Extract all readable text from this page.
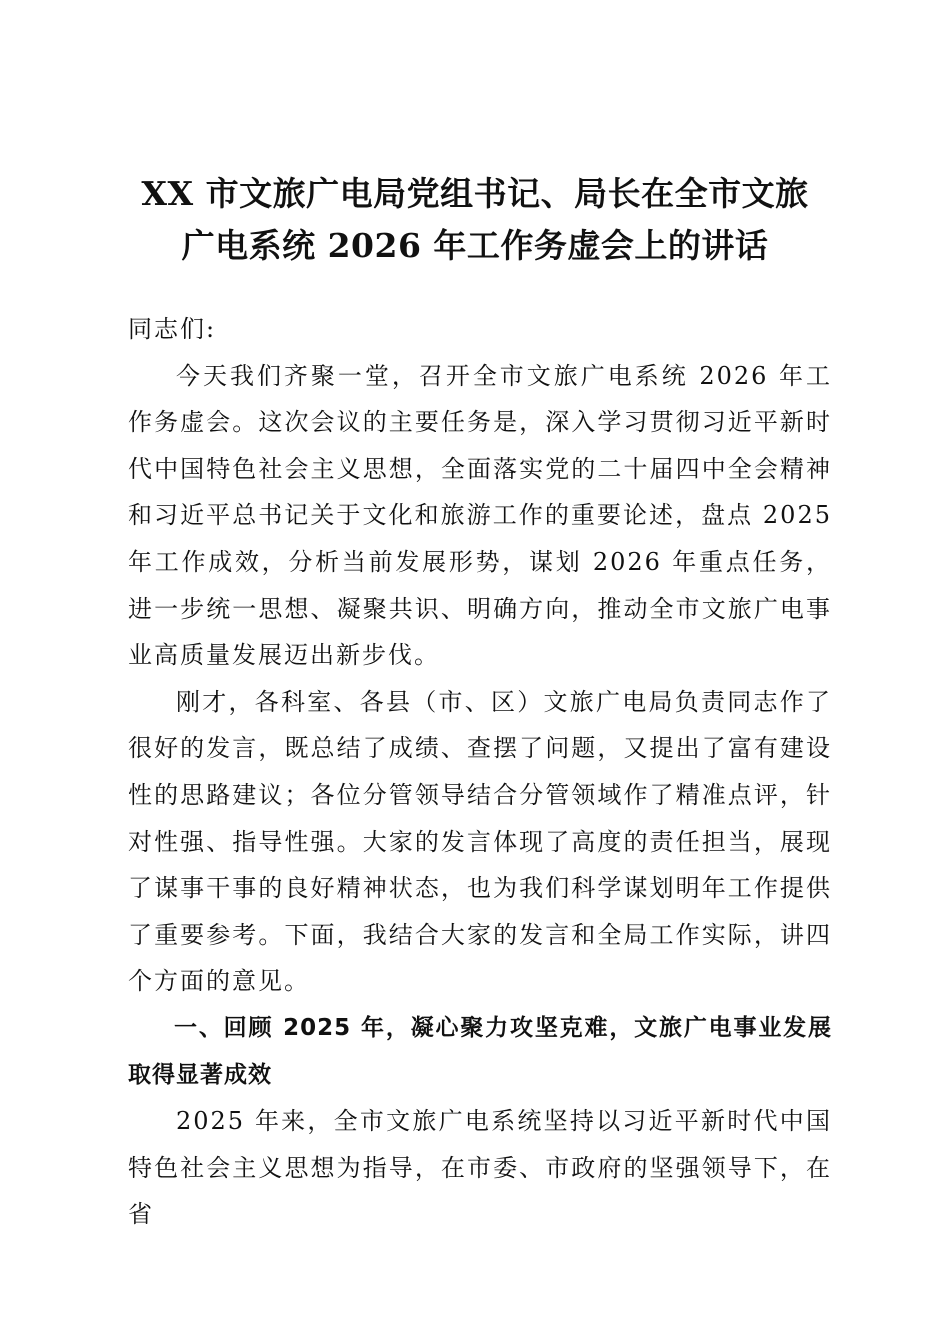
XX 市文旅广电局党组书记、局长在全市文旅
广电系统 2026 年工作务虚会上的讲话

同志们:

今天我们齐聚一堂，召开全市文旅广电系统 2026 年工作务虚会。这次会议的主要任务是，深入学习贯彻习近平新时代中国特色社会主义思想，全面落实党的二十届四中全会精神和习近平总书记关于文化和旅游工作的重要论述，盘点 2025 年工作成效，分析当前发展形势，谋划 2026 年重点任务，进一步统一思想、凝聚共识、明确方向，推动全市文旅广电事业高质量发展迈出新步伐。

刚才，各科室、各县（市、区）文旅广电局负责同志作了很好的发言，既总结了成绩、查摆了问题，又提出了富有建设性的思路建议；各位分管领导结合分管领域作了精准点评，针对性强、指导性强。大家的发言体现了高度的责任担当，展现了谋事干事的良好精神状态，也为我们科学谋划明年工作提供了重要参考。下面，我结合大家的发言和全局工作实际，讲四个方面的意见。

一、回顾 2025 年，凝心聚力攻坚克难，文旅广电事业发展取得显著成效

2025 年来，全市文旅广电系统坚持以习近平新时代中国特色社会主义思想为指导，在市委、市政府的坚强领导下，在省
